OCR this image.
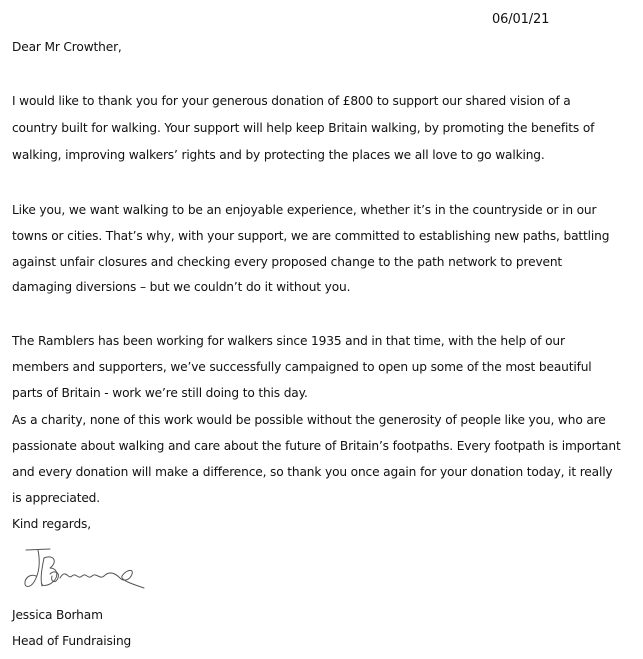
06/01/21
Dear Mr Crowther,
I would like to thank you for your generous donation of £800 to support our shared vision of a
country built for walking. Your support will help keep Britain walking, by promoting the benefits of
walking, improving walkers’ rights and by protecting the places we all love to go walking.
Like you, we want walking to be an enjoyable experience, whether it’s in the countryside or in our
towns or cities. That’s why, with your support, we are committed to establishing new paths, battling
against unfair closures and checking every proposed change to the path network to prevent
damaging diversions – but we couldn’t do it without you.
The Ramblers has been working for walkers since 1935 and in that time, with the help of our
members and supporters, we’ve successfully campaigned to open up some of the most beautiful
parts of Britain - work we’re still doing to this day.
As a charity, none of this work would be possible without the generosity of people like you, who are
passionate about walking and care about the future of Britain’s footpaths. Every footpath is important
and every donation will make a difference, so thank you once again for your donation today, it really
is appreciated.
Kind regards,
Jessica Borham
Head of Fundraising
